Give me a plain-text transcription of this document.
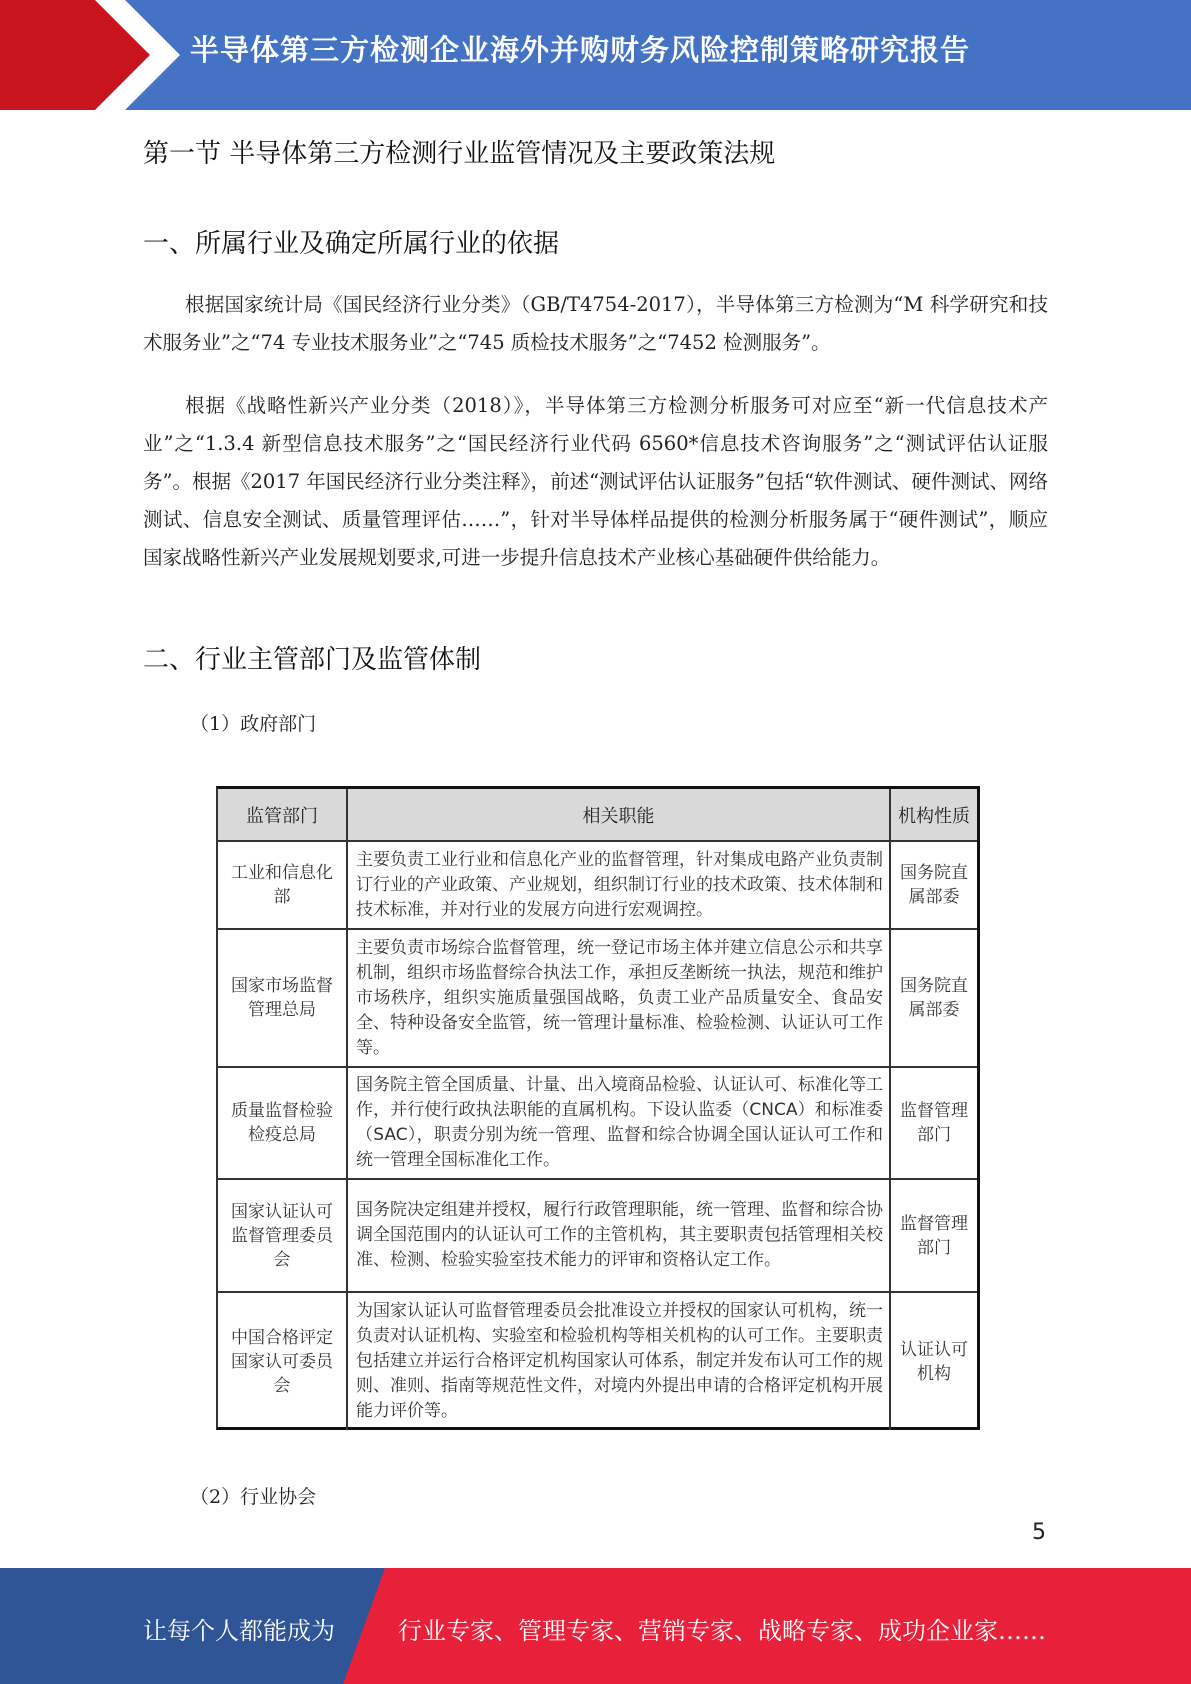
半导体第三方检测企业海外并购财务风险控制策略研究报告
第一节 半导体第三方检测行业监管情况及主要政策法规
一、所属行业及确定所属行业的依据

根据国家统计局《国民经济行业分类》（GB/T4754-2017），半导体第三方检测为“M 科学研究和技术服务业”之“74 专业技术服务业”之“745 质检技术服务”之“7452 检测服务”。

根据《战略性新兴产业分类（2018）》，半导体第三方检测分析服务可对应至“新一代信息技术产业”之“1.3.4 新型信息技术服务”之“国民经济行业代码 6560*信息技术咨询服务”之“测试评估认证服务”。根据《2017 年国民经济行业分类注释》，前述“测试评估认证服务”包括“软件测试、硬件测试、网络测试、信息安全测试、质量管理评估……”，针对半导体样品提供的检测分析服务属于“硬件测试”，顺应国家战略性新兴产业发展规划要求,可进一步提升信息技术产业核心基础硬件供给能力。

二、行业主管部门及监管体制
（1）政府部门
监管部门	相关职能	机构性质
工业和信息化部	主要负责工业行业和信息化产业的监督管理，针对集成电路产业负责制订行业的产业政策、产业规划，组织制订行业的技术政策、技术体制和技术标准，并对行业的发展方向进行宏观调控。	国务院直属部委
国家市场监督管理总局	主要负责市场综合监督管理，统一登记市场主体并建立信息公示和共享机制，组织市场监督综合执法工作，承担反垄断统一执法，规范和维护市场秩序，组织实施质量强国战略，负责工业产品质量安全、食品安全、特种设备安全监管，统一管理计量标准、检验检测、认证认可工作等。	国务院直属部委
质量监督检验检疫总局	国务院主管全国质量、计量、出入境商品检验、认证认可、标准化等工作，并行使行政执法职能的直属机构。下设认监委（CNCA）和标准委（SAC），职责分别为统一管理、监督和综合协调全国认证认可工作和统一管理全国标准化工作。	监督管理部门
国家认证认可监督管理委员会	国务院决定组建并授权，履行行政管理职能，统一管理、监督和综合协调全国范围内的认证认可工作的主管机构，其主要职责包括管理相关校准、检测、检验实验室技术能力的评审和资格认定工作。	监督管理部门
中国合格评定国家认可委员会	为国家认证认可监督管理委员会批准设立并授权的国家认可机构，统一负责对认证机构、实验室和检验机构等相关机构的认可工作。主要职责包括建立并运行合格评定机构国家认可体系，制定并发布认可工作的规则、准则、指南等规范性文件，对境内外提出申请的合格评定机构开展能力评价等。	认证认可机构
（2）行业协会
5
让每个人都能成为	行业专家、管理专家、营销专家、战略专家、成功企业家……
